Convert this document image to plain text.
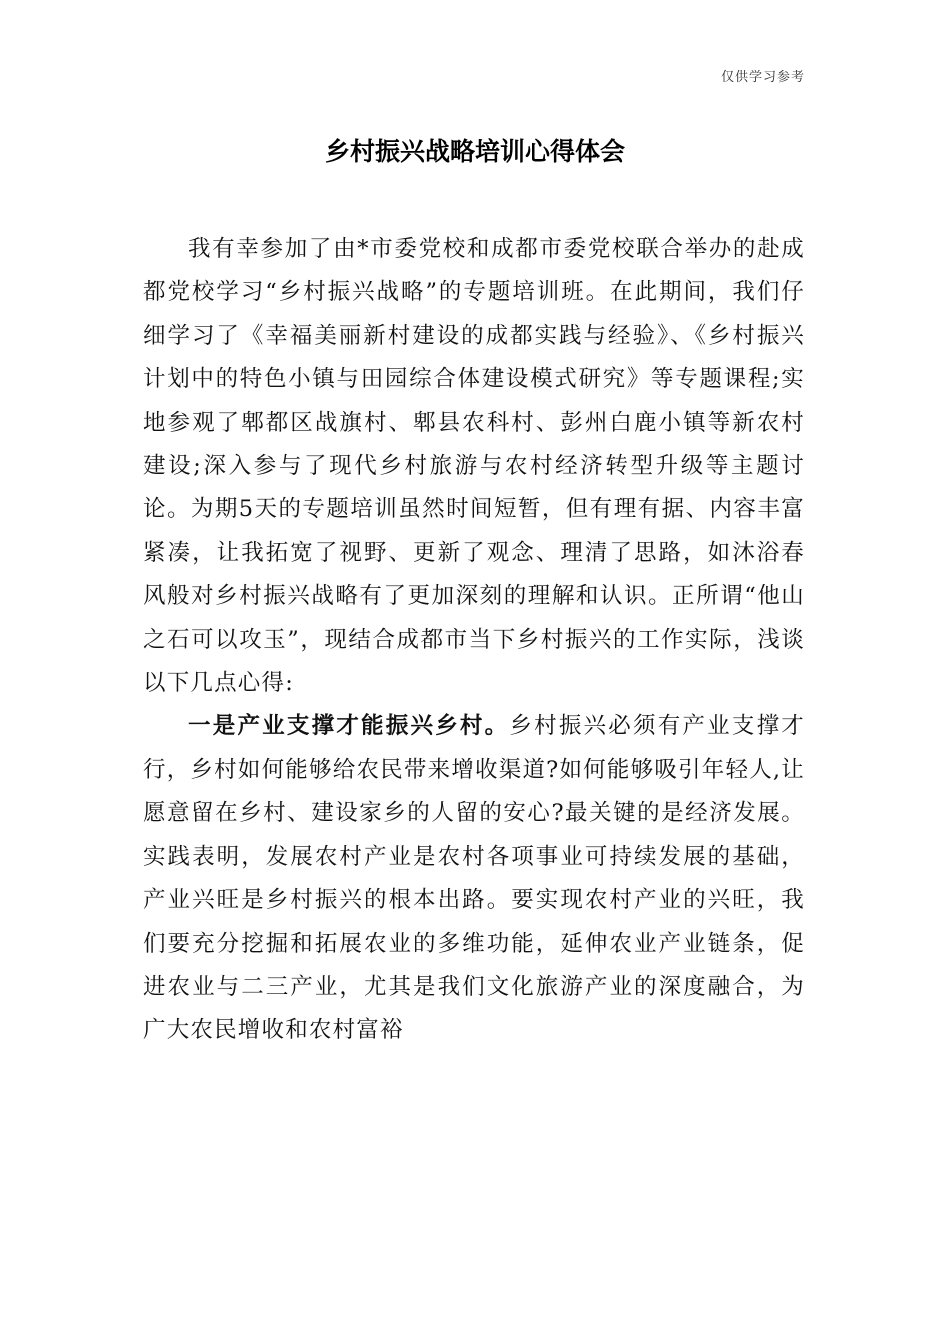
仅供学习参考
乡村振兴战略培训心得体会

我有幸参加了由*市委党校和成都市委党校联合举办的赴成都党校学习“乡村振兴战略”的专题培训班。在此期间，我们仔细学习了《幸福美丽新村建设的成都实践与经验》、《乡村振兴计划中的特色小镇与田园综合体建设模式研究》等专题课程;实地参观了郫都区战旗村、郫县农科村、彭州白鹿小镇等新农村建设;深入参与了现代乡村旅游与农村经济转型升级等主题讨论。为期5天的专题培训虽然时间短暂，但有理有据、内容丰富紧凑，让我拓宽了视野、更新了观念、理清了思路，如沐浴春风般对乡村振兴战略有了更加深刻的理解和认识。正所谓“他山之石可以攻玉”，现结合成都市当下乡村振兴的工作实际，浅谈以下几点心得:

一是产业支撑才能振兴乡村。乡村振兴必须有产业支撑才行，乡村如何能够给农民带来增收渠道?如何能够吸引年轻人,让愿意留在乡村、建设家乡的人留的安心?最关键的是经济发展。实践表明，发展农村产业是农村各项事业可持续发展的基础，产业兴旺是乡村振兴的根本出路。要实现农村产业的兴旺，我们要充分挖掘和拓展农业的多维功能，延伸农业产业链条，促进农业与二三产业，尤其是我们文化旅游产业的深度融合，为广大农民增收和农村富裕
